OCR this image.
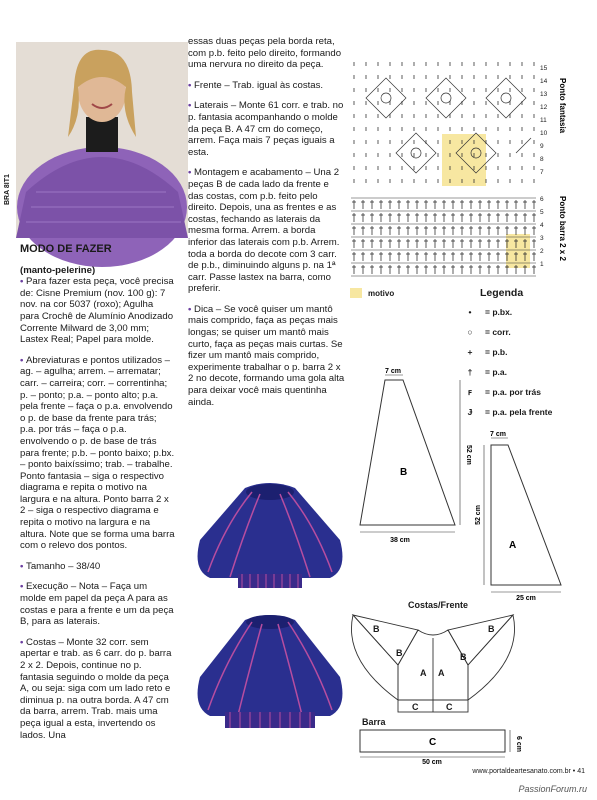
BRA 8IT1

MODO DE FAZER

(manto-pelerine)

• Para fazer esta peça, você precisa de: Cisne Premium (nov. 100 g): 7 nov. na cor 5037 (roxo); Agulha para Crochê de Alumínio Anodizado Corrente Milward de 3,00 mm; Lastex Real; Papel para molde.

• Abreviaturas e pontos utilizados – ag. – agulha; arrem. – arrematar; carr. – carreira; corr. – correntinha; p. – ponto; p.a. – ponto alto; p.a. pela frente – faça o p.a. envolvendo o p. de base da frente para trás; p.a. por trás – faça o p.a. envolvendo o p. de base de trás para frente; p.b. – ponto baixo; p.bx. – ponto baixíssimo; trab. – trabalhe. Ponto fantasia – siga o respectivo diagrama e repita o motivo na largura e na altura. Ponto barra 2 x 2 – siga o respectivo diagrama e repita o motivo na largura e na altura. Note que se forma uma barra com o relevo dos pontos.

• Tamanho – 38/40

• Execução – Nota – Faça um molde em papel da peça A para as costas e para a frente e um da peça B, para as laterais.

• Costas – Monte 32 corr. sem apertar e trab. as 6 carr. do p. barra 2 x 2. Depois, continue no p. fantasia seguindo o molde da peça A, ou seja: siga com um lado reto e diminua p. na outra borda. A 47 cm da barra, arrem. Trab. mais uma peça igual a esta, invertendo os lados. Una

essas duas peças pela borda reta, com p.b. feito pelo direito, formando uma nervura no direito da peça.

• Frente – Trab. igual às costas.

• Laterais – Monte 61 corr. e trab. no p. fantasia acompanhando o molde da peça B. A 47 cm do começo, arrem. Faça mais 7 peças iguais a esta.

• Montagem e acabamento – Una 2 peças B de cada lado da frente e das costas, com p.b. feito pelo direito. Depois, una as frentes e as costas, fechando as laterais da mesma forma. Arrem. a borda inferior das laterais com p.b. Arrem. toda a borda do decote com 3 carr. de p.b., diminuindo alguns p. na 1ª carr. Passe lastex na barra, como preferir.

• Dica – Se você quiser um mantô mais comprido, faça as peças mais longas; se quiser um mantô mais curto, faça as peças mais curtas. Se fizer um mantô mais comprido, experimente trabalhar o p. barra 2 x 2 no decote, formando uma gola alta para deixar você mais quentinha ainda.

15
14
13
12
11
10
9
8
7
6
5
4
3
2
1
Ponto fantasia
Ponto barra 2 x 2
motivo	Legenda
•	= p.bx.
○	= corr.
+	= p.b.
†	= p.a.
ꜰ	= p.a. por trás
Ɉ	= p.a. pela frente
7 cm
52 cm
38 cm
B
7 cm
52 cm
25 cm
A
Costas/Frente
B	B
B	B
A A
C	C
Barra
C	6 cm
50 cm
www.portaldeartesanato.com.br • 41
PassionForum.ru
